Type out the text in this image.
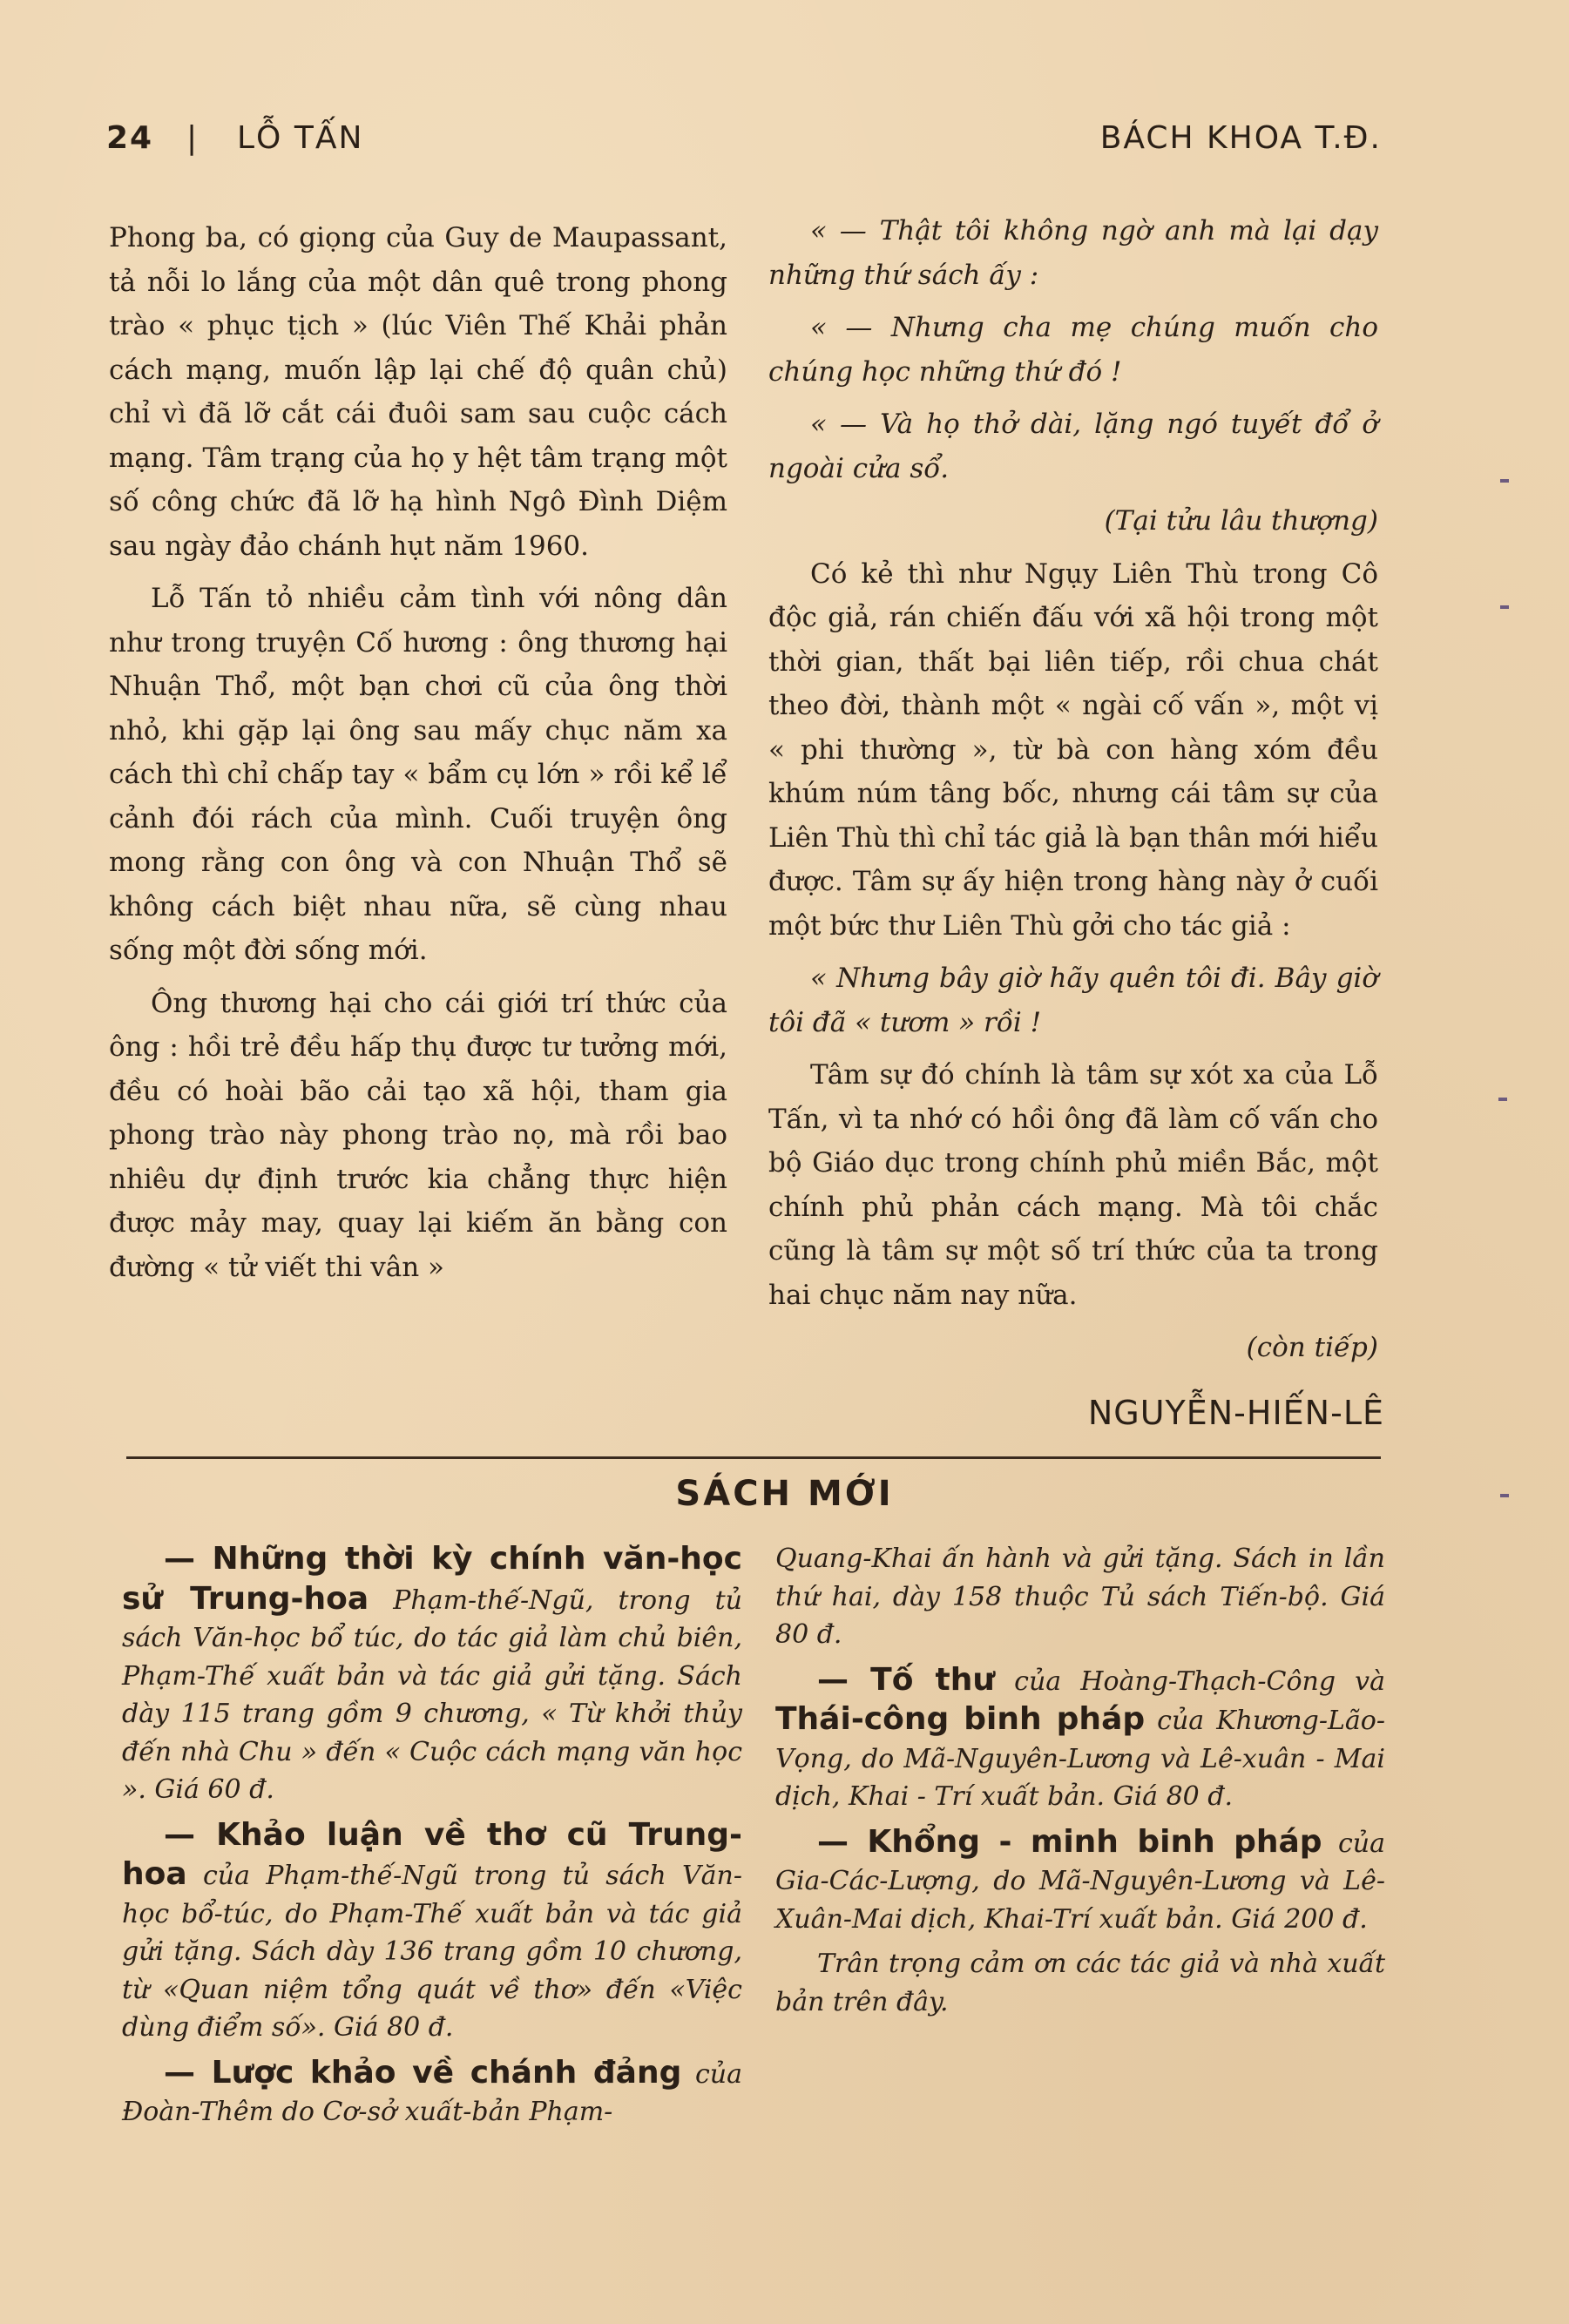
24 | LỖ TẤN	BÁCH KHOA T.Đ.

Phong ba, có giọng của Guy de Maupassant, tả nỗi lo lắng của một dân quê trong phong trào « phục tịch » (lúc Viên Thế Khải phản cách mạng, muốn lập lại chế độ quân chủ) chỉ vì đã lỡ cắt cái đuôi sam sau cuộc cách mạng. Tâm trạng của họ y hệt tâm trạng một số công chức đã lỡ hạ hình Ngô Đình Diệm sau ngày đảo chánh hụt năm 1960.

Lỗ Tấn tỏ nhiều cảm tình với nông dân như trong truyện Cố hương : ông thương hại Nhuận Thổ, một bạn chơi cũ của ông thời nhỏ, khi gặp lại ông sau mấy chục năm xa cách thì chỉ chấp tay « bẩm cụ lớn » rồi kể lể cảnh đói rách của mình. Cuối truyện ông mong rằng con ông và con Nhuận Thổ sẽ không cách biệt nhau nữa, sẽ cùng nhau sống một đời sống mới.

Ông thương hại cho cái giới trí thức của ông : hồi trẻ đều hấp thụ được tư tưởng mới, đều có hoài bão cải tạo xã hội, tham gia phong trào này phong trào nọ, mà rồi bao nhiêu dự định trước kia chẳng thực hiện được mảy may, quay lại kiếm ăn bằng con đường « tử viết thi vân »

« — Thật tôi không ngờ anh mà lại dạy những thứ sách ấy :

« — Nhưng cha mẹ chúng muốn cho chúng học những thứ đó !

« — Và họ thở dài, lặng ngó tuyết đổ ở ngoài cửa sổ.

(Tại tửu lâu thượng)

Có kẻ thì như Ngụy Liên Thù trong Cô độc giả, rán chiến đấu với xã hội trong một thời gian, thất bại liên tiếp, rồi chua chát theo đời, thành một « ngài cố vấn », một vị « phi thường », từ bà con hàng xóm đều khúm núm tâng bốc, nhưng cái tâm sự của Liên Thù thì chỉ tác giả là bạn thân mới hiểu được. Tâm sự ấy hiện trong hàng này ở cuối một bức thư Liên Thù gởi cho tác giả :

« Nhưng bây giờ hãy quên tôi đi. Bây giờ tôi đã « tươm » rồi !

Tâm sự đó chính là tâm sự xót xa của Lỗ Tấn, vì ta nhớ có hồi ông đã làm cố vấn cho bộ Giáo dục trong chính phủ miền Bắc, một chính phủ phản cách mạng. Mà tôi chắc cũng là tâm sự một số trí thức của ta trong hai chục năm nay nữa.

(còn tiếp)

NGUYỄN-HIẾN-LÊ
SÁCH MỚI

— Những thời kỳ chính văn-học sử Trung-hoa Phạm-thế-Ngũ, trong tủ sách Văn-học bổ túc, do tác giả làm chủ biên, Phạm-Thế xuất bản và tác giả gửi tặng. Sách dày 115 trang gồm 9 chương, « Từ khởi thủy đến nhà Chu » đến « Cuộc cách mạng văn học ». Giá 60 đ.

— Khảo luận về thơ cũ Trung-hoa của Phạm-thế-Ngũ trong tủ sách Văn-học bổ-túc, do Phạm-Thế xuất bản và tác giả gửi tặng. Sách dày 136 trang gồm 10 chương, từ «Quan niệm tổng quát về thơ» đến «Việc dùng điểm số». Giá 80 đ.

— Lược khảo về chánh đảng của Đoàn-Thêm do Cơ-sở xuất-bản Phạm-

Quang-Khai ấn hành và gửi tặng. Sách in lần thứ hai, dày 158 thuộc Tủ sách Tiến-bộ. Giá 80 đ.

— Tố thư của Hoàng-Thạch-Công và Thái-công binh pháp của Khương-Lão-Vọng, do Mã-Nguyên-Lương và Lê-xuân - Mai dịch, Khai - Trí xuất bản. Giá 80 đ.

— Khổng - minh binh pháp của Gia-Các-Lượng, do Mã-Nguyên-Lương và Lê-Xuân-Mai dịch, Khai-Trí xuất bản. Giá 200 đ.

Trân trọng cảm ơn các tác giả và nhà xuất bản trên đây.
